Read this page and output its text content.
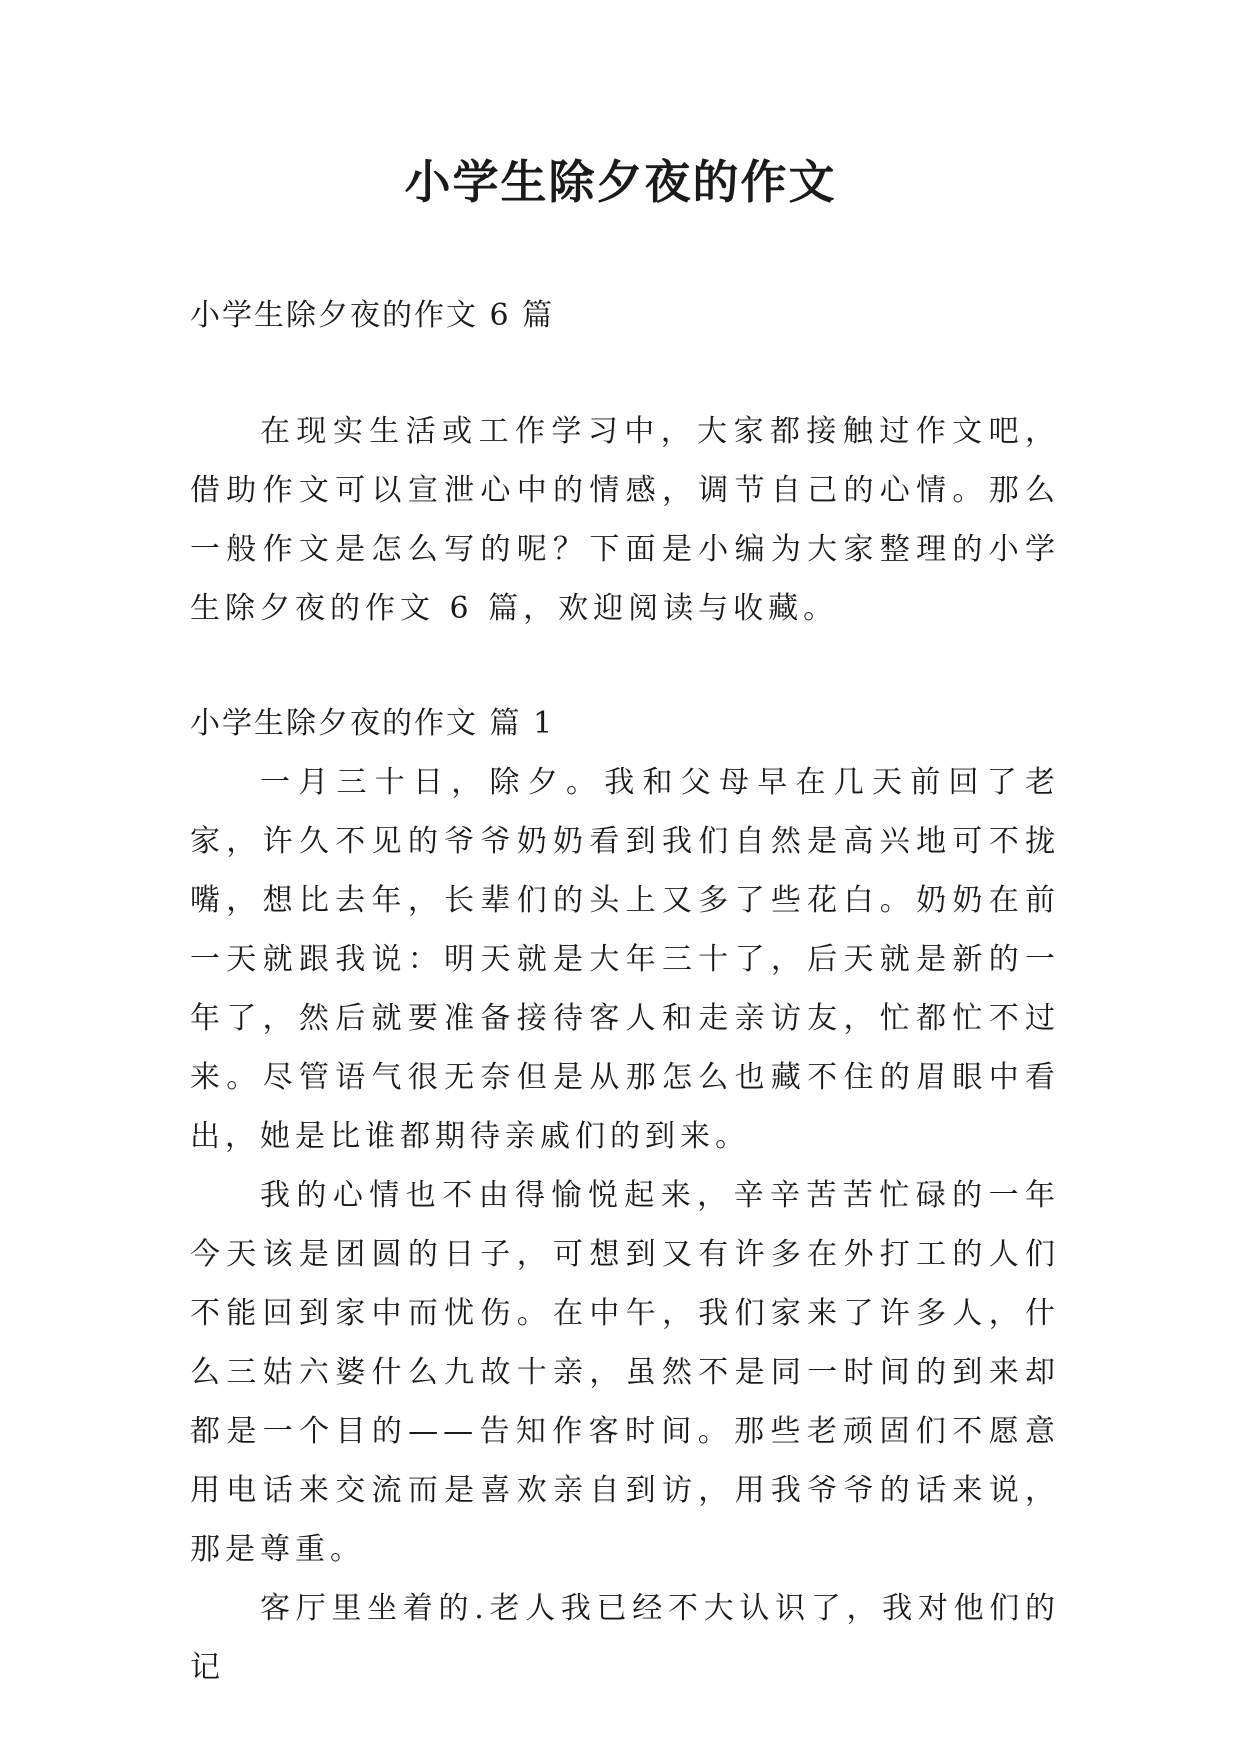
小学生除夕夜的作文
小学生除夕夜的作文 6 篇

在现实生活或工作学习中，大家都接触过作文吧，借助作文可以宣泄心中的情感，调节自己的心情。那么一般作文是怎么写的呢？下面是小编为大家整理的小学生除夕夜的作文 6 篇，欢迎阅读与收藏。

小学生除夕夜的作文 篇 1

一月三十日，除夕。我和父母早在几天前回了老家，许久不见的爷爷奶奶看到我们自然是高兴地可不拢嘴，想比去年，长辈们的头上又多了些花白。奶奶在前一天就跟我说：明天就是大年三十了，后天就是新的一年了，然后就要准备接待客人和走亲访友，忙都忙不过来。尽管语气很无奈但是从那怎么也藏不住的眉眼中看出，她是比谁都期待亲戚们的到来。

我的心情也不由得愉悦起来，辛辛苦苦忙碌的一年今天该是团圆的日子，可想到又有许多在外打工的人们不能回到家中而忧伤。在中午，我们家来了许多人，什么三姑六婆什么九故十亲，虽然不是同一时间的到来却都是一个目的——告知作客时间。那些老顽固们不愿意用电话来交流而是喜欢亲自到访，用我爷爷的话来说，那是尊重。

客厅里坐着的.老人我已经不大认识了，我对他们的记
